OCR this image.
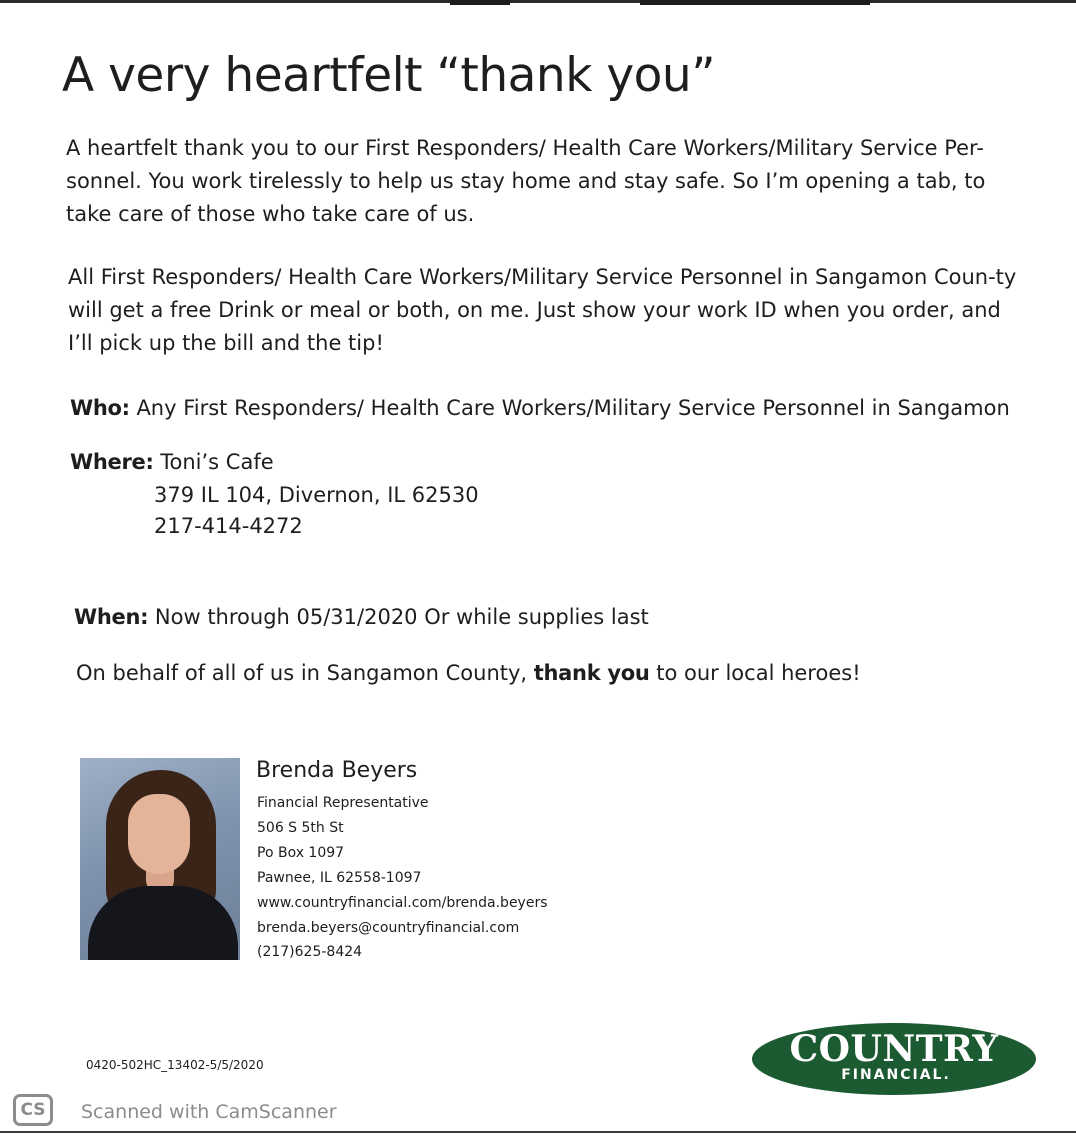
A very heartfelt “thank you”

A heartfelt thank you to our First Responders/ Health Care Workers/Military Service Per-sonnel. You work tirelessly to help us stay home and stay safe. So I’m opening a tab, to take care of those who take care of us.

All First Responders/ Health Care Workers/Military Service Personnel in Sangamon Coun-ty will get a free Drink or meal or both, on me. Just show your work ID when you order, and I’ll pick up the bill and the tip!

Who: Any First Responders/ Health Care Workers/Military Service Personnel in Sangamon

Where: Toni’s Cafe

379 IL 104, Divernon, IL 62530

217-414-4272

When: Now through 05/31/2020 Or while supplies last

On behalf of all of us in Sangamon County, thank you to our local heroes!

Brenda Beyers

Financial Representative

506 S 5th St

Po Box 1097

Pawnee, IL 62558-1097

www.countryfinancial.com/brenda.beyers

brenda.beyers@countryfinancial.com

(217)625-8424

0420-502HC_13402-5/5/2020	COUNTRY
FINANCIAL.
CS	Scanned with CamScanner
